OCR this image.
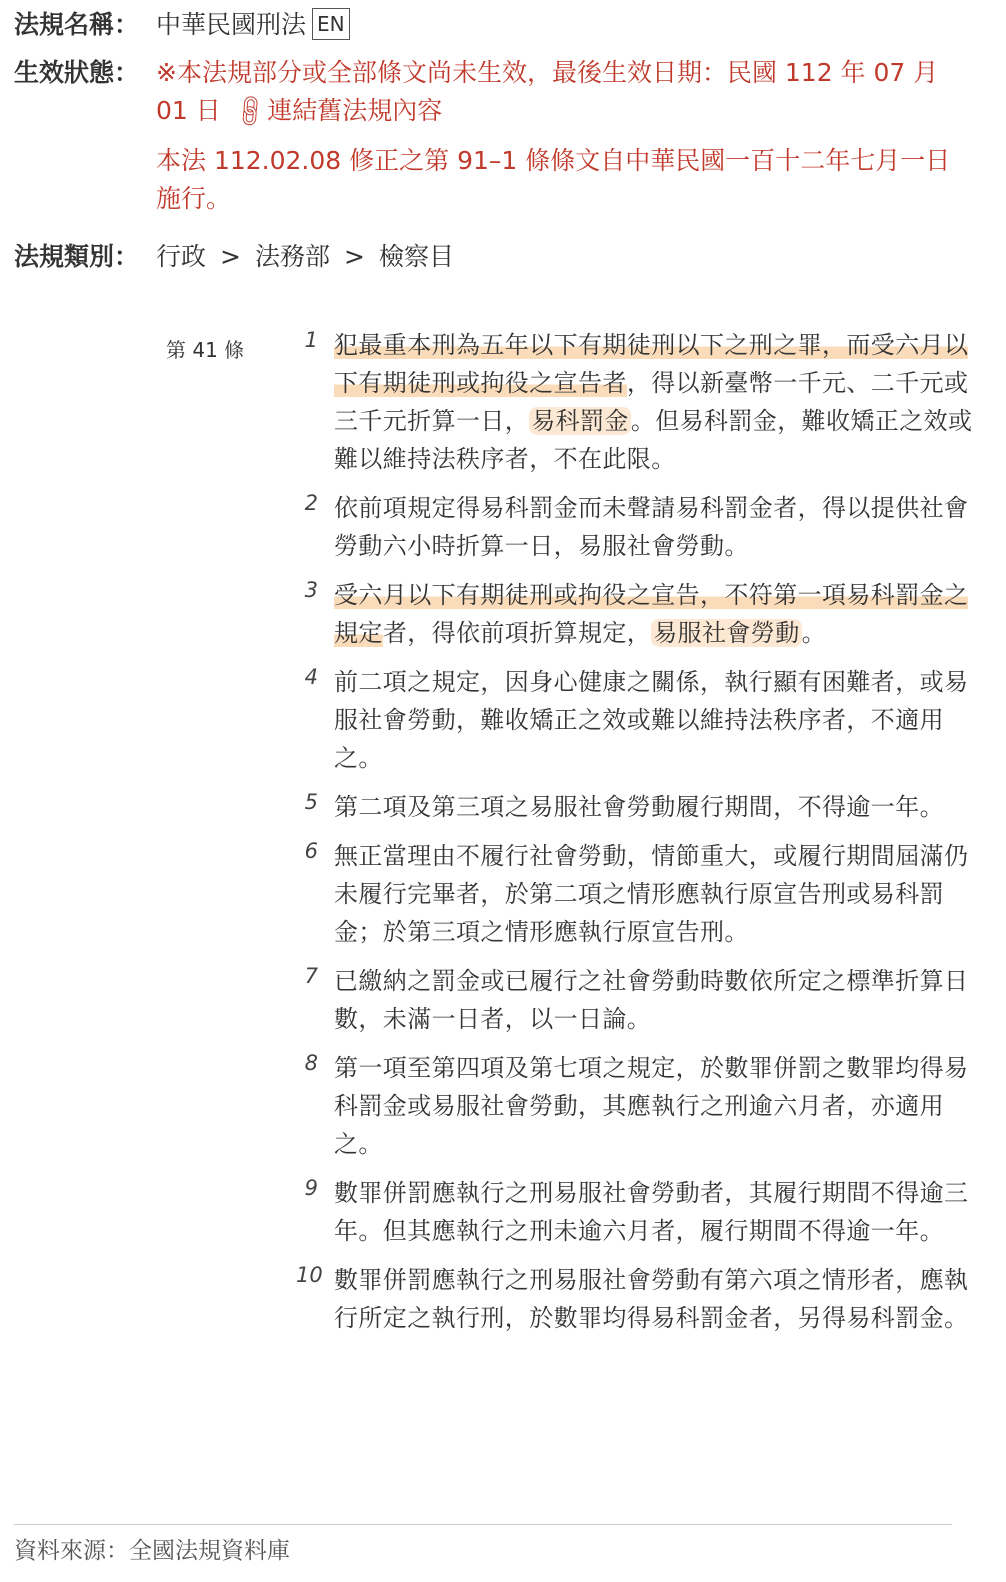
法規名稱： 中華民國刑法 EN
生效狀態： ※本法規部分或全部條文尚未生效，最後生效日期：民國 112 年 07 月 01 日 🔗︎連結舊法規內容
本法 112.02.08 修正之第 91–1 條條文自中華民國一百十二年七月一日施行。
法規類別： 行政 > 法務部 > 檢察目
第 41 條	1 犯最重本刑為五年以下有期徒刑以下之刑之罪，而受六月以下有期徒刑或拘役之宣告者，得以新臺幣一千元、二千元或三千元折算一日，易科罰金。但易科罰金，難收矯正之效或難以維持法秩序者，不在此限。
2 依前項規定得易科罰金而未聲請易科罰金者，得以提供社會勞動六小時折算一日，易服社會勞動。
3 受六月以下有期徒刑或拘役之宣告，不符第一項易科罰金之規定者，得依前項折算規定，易服社會勞動。
4 前二項之規定，因身心健康之關係，執行顯有困難者，或易服社會勞動，難收矯正之效或難以維持法秩序者，不適用之。
5 第二項及第三項之易服社會勞動履行期間，不得逾一年。
6 無正當理由不履行社會勞動，情節重大，或履行期間屆滿仍未履行完畢者，於第二項之情形應執行原宣告刑或易科罰金；於第三項之情形應執行原宣告刑。
7 已繳納之罰金或已履行之社會勞動時數依所定之標準折算日數，未滿一日者，以一日論。
8 第一項至第四項及第七項之規定，於數罪併罰之數罪均得易科罰金或易服社會勞動，其應執行之刑逾六月者，亦適用之。
9 數罪併罰應執行之刑易服社會勞動者，其履行期間不得逾三年。但其應執行之刑未逾六月者，履行期間不得逾一年。
10 數罪併罰應執行之刑易服社會勞動有第六項之情形者，應執行所定之執行刑，於數罪均得易科罰金者，另得易科罰金。
資料來源：全國法規資料庫
